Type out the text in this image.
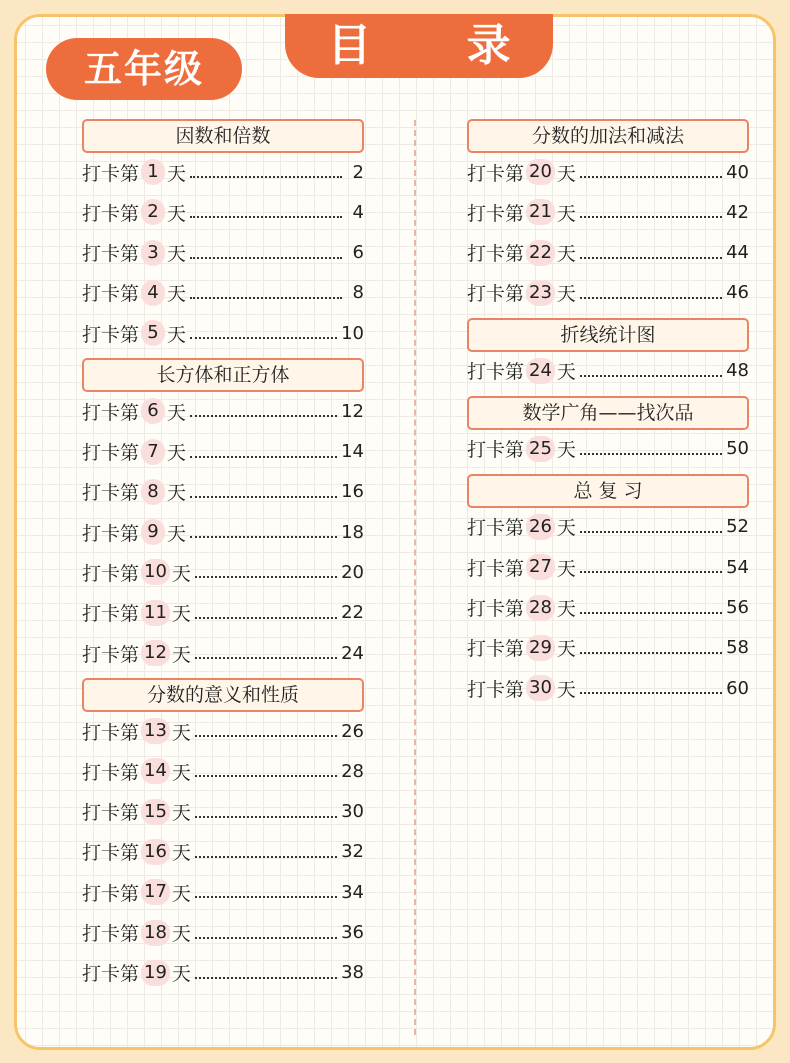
目 录
五年级
因数和倍数
打卡第 1 天	2
打卡第 2 天	4
打卡第 3 天	6
打卡第 4 天	8
打卡第 5 天	10
长方体和正方体
打卡第 6 天	12
打卡第 7 天	14
打卡第 8 天	16
打卡第 9 天	18
打卡第 10 天	20
打卡第 11 天	22
打卡第 12 天	24
分数的意义和性质
打卡第 13 天	26
打卡第 14 天	28
打卡第 15 天	30
打卡第 16 天	32
打卡第 17 天	34
打卡第 18 天	36
打卡第 19 天	38
分数的加法和减法
打卡第 20 天	40
打卡第 21 天	42
打卡第 22 天	44
打卡第 23 天	46
折线统计图
打卡第 24 天	48
数学广角——找次品
打卡第 25 天	50
总 复 习
打卡第 26 天	52
打卡第 27 天	54
打卡第 28 天	56
打卡第 29 天	58
打卡第 30 天	60
